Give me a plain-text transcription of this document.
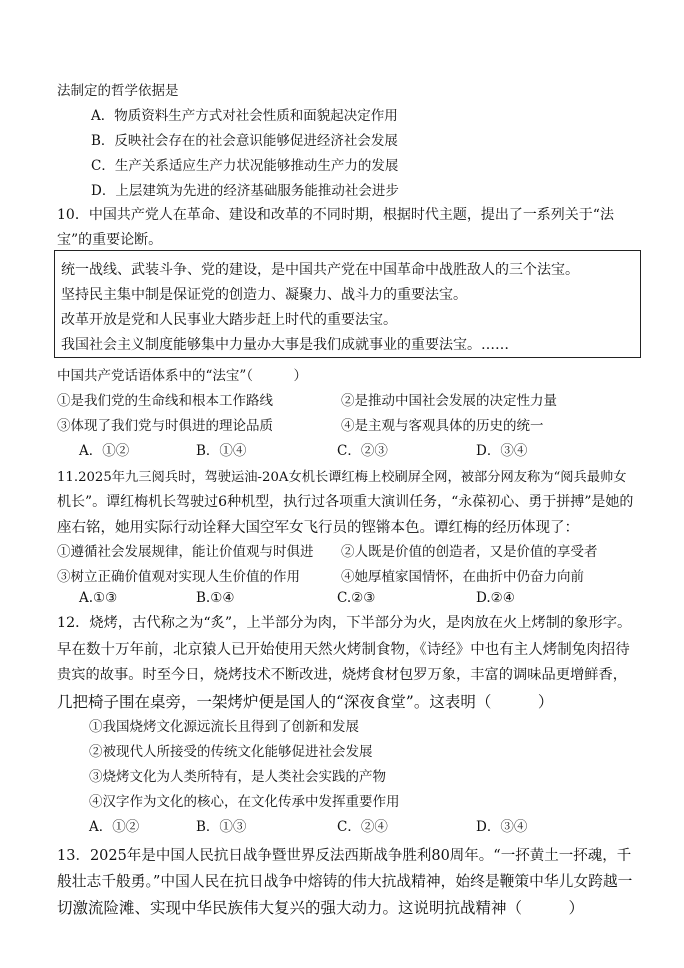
法制定的哲学依据是
A．物质资料生产方式对社会性质和面貌起决定作用
B．反映社会存在的社会意识能够促进经济社会发展
C．生产关系适应生产力状况能够推动生产力的发展
D．上层建筑为先进的经济基础服务能推动社会进步
10．中国共产党人在革命、建设和改革的不同时期，根据时代主题，提出了一系列关于“法
宝”的重要论断。
统一战线、武装斗争、党的建设，是中国共产党在中国革命中战胜敌人的三个法宝。
坚持民主集中制是保证党的创造力、凝聚力、战斗力的重要法宝。
改革开放是党和人民事业大踏步赶上时代的重要法宝。
我国社会主义制度能够集中力量办大事是我们成就事业的重要法宝。……
中国共产党话语体系中的“法宝”（　　　）
①是我们党的生命线和根本工作路线	②是推动中国社会发展的决定性力量
③体现了我们党与时俱进的理论品质	④是主观与客观具体的历史的统一
A．①②	B．①④	C．②③	D．③④
11.2025年九三阅兵时，驾驶运油-20A女机长谭红梅上校刷屏全网，被部分网友称为“阅兵最帅女
机长”。谭红梅机长驾驶过6种机型，执行过各项重大演训任务，“永葆初心、勇于拼搏”是她的
座右铭，她用实际行动诠释大国空军女飞行员的铿锵本色。谭红梅的经历体现了：
①遵循社会发展规律，能让价值观与时俱进 ②人既是价值的创造者，又是价值的享受者
③树立正确价值观对实现人生价值的作用	④她厚植家国情怀，在曲折中仍奋力向前
A.①③	B.①④	C.②③	D.②④
12．烧烤，古代称之为“炙”，上半部分为肉，下半部分为火，是肉放在火上烤制的象形字。
早在数十万年前，北京猿人已开始使用天然火烤制食物，《诗经》中也有主人烤制兔肉招待
贵宾的故事。时至今日，烧烤技术不断改进，烧烤食材包罗万象，丰富的调味品更增鲜香，
几把椅子围在桌旁，一架烤炉便是国人的“深夜食堂”。这表明（　　　）
①我国烧烤文化源远流长且得到了创新和发展
②被现代人所接受的传统文化能够促进社会发展
③烧烤文化为人类所特有，是人类社会实践的产物
④汉字作为文化的核心，在文化传承中发挥重要作用
A．①②	B．①③	C．②④	D．③④
13．2025年是中国人民抗日战争暨世界反法西斯战争胜利80周年。“一抔黄土一抔魂，千
般壮志千般勇。”中国人民在抗日战争中熔铸的伟大抗战精神，始终是鞭策中华儿女跨越一
切激流险滩、实现中华民族伟大复兴的强大动力。这说明抗战精神（　　　）
